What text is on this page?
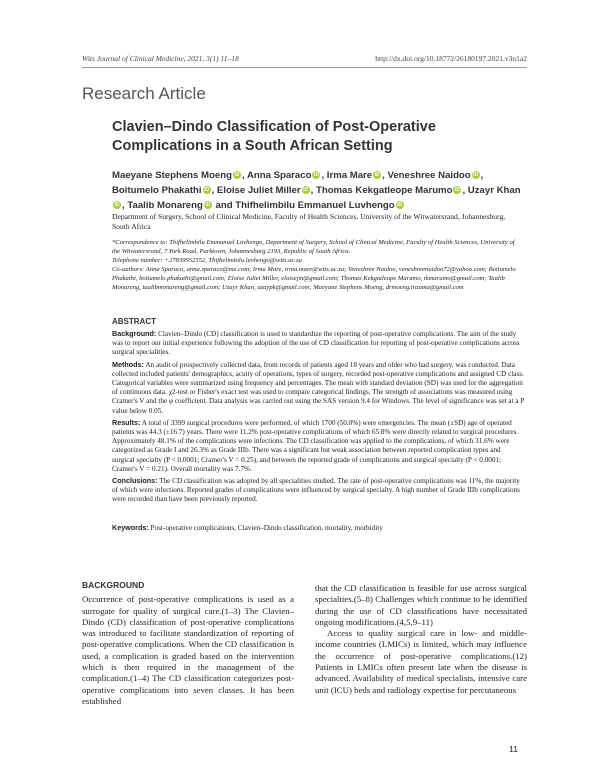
Wits Journal of Clinical Medicine, 2021, 3(1) 11–18	http://dx.doi.org/10.18772/26180197.2021.v3n1a2
Research Article
Clavien–Dindo Classification of Post-Operative Complications in a South African Setting
Maeyane Stephens Moeng iD , Anna Sparaco iD , Irma Mare iD , Veneshree Naidoo iD , Boitumelo Phakathi iD , Eloise Juliet Miller iD , Thomas Kekgatleope Marumo iD , Uzayr KhaniD , Taalib Monareng iD and Thifhelimbilu Emmanuel Luvhengo iD
Department of Surgery, School of Clinical Medicine, Faculty of Health Sciences, University of the Witwatersrand, Johannesburg, South Africa
*Correspondence to: Thifhelimbilu Emmanuel Luvhengo, Department of Surgery, School of Clinical Medicine, Faculty of Health Sciences, University of the Witwatersrand, 7 York Road, Parktown, Johannesburg 2193, Republic of South Africa.
Telephone number: +27839952552, Thifhelimbilu.luvhengo@wits.ac.za
Co-authors: Anna Sparaco, anna.sparaco@me.com; Irma Mare, irma.mare@wits.ac.za; Veneshree Naidoo, veneshreenaidoo72@yahoo.com; Boitumelo Phakathi, boitumelo.phakathi@gmail.com; Eloise Juliet Miller, eloisejm@gmail.com; Thomas Kekgatleope Marumo, tkmarumo@gmail.com; Taalib Monareng, taalibmonareng@gmail.com; Uzayr Khan, uzaypk@gmail.com; Maeyane Stephens Moeng, drmoeng.trauma@gmail.com
ABSTRACT

Background: Clavien–Dindo (CD) classification is used to standardize the reporting of post-operative complications. The aim of the study was to report our initial experience following the adoption of the use of CD classification for reporting of post-operative complications across surgical specialities.

Methods: An audit of prospectively collected data, from records of patients aged 18 years and older who had surgery, was conducted. Data collected included patients' demographics, acuity of operations, types of surgery, recorded post-operative complications and assigned CD class. Categorical variables were summarized using frequency and percentages. The mean with standard deviation (SD) was used for the aggregation of continuous data. χ2-test or Fisher's exact test was used to compare categorical findings. The strength of associations was measured using Cramer's V and the φ coefficient. Data analysis was carried out using the SAS version 9.4 for Windows. The level of significance was set at a P value below 0.05.

Results: A total of 3399 surgical procedures were performed, of which 1700 (50.0%) were emergencies. The mean (±SD) age of operated patients was 44.3 (±16.7) years. There were 11.2% post-operative complications of which 65.8% were directly related to surgical procedures. Approximately 48.1% of the complications were infections. The CD classification was applied to the complications, of which 31.6% were categorized as Grade I and 26.3% as Grade IIIb. There was a significant but weak association between reported complication types and surgical specialty (P < 0.0001; Cramer's V = 0.25), and between the reported grade of complications and surgical specialty (P < 0.0001; Cramer's V = 0.21). Overall mortality was 7.7%.

Conclusions: The CD classification was adopted by all specialities studied. The rate of post-operative complications was 11%, the majority of which were infections. Reported grades of complications were influenced by surgical specialty. A high number of Grade IIIb complications were recorded than have been previously reported.

Keywords: Post-operative complications, Clavien–Dindo classification, mortality, morbidity
BACKGROUND

Occurrence of post-operative complications is used as a surrogate for quality of surgical care.(1–3) The Clavien–Dindo (CD) classification of post-operative complications was introduced to facilitate standardization of reporting of post-operative complications. When the CD classification is used, a complication is graded based on the intervention which is then required in the management of the complication.(1–4) The CD classification categorizes post-operative complications into seven classes. It has been established

that the CD classification is feasible for use across surgical specialties.(5–8) Challenges which continue to be identified during the use of CD classifications have necessitated ongoing modifications.(4,5,9–11)

Access to quality surgical care in low- and middle-income countries (LMICs) is limited, which may influence the occurrence of post-operative complications.(12) Patients in LMICs often present late when the disease is advanced. Availability of medical specialists, intensive care unit (ICU) beds and radiology expertise for percutaneous

11
